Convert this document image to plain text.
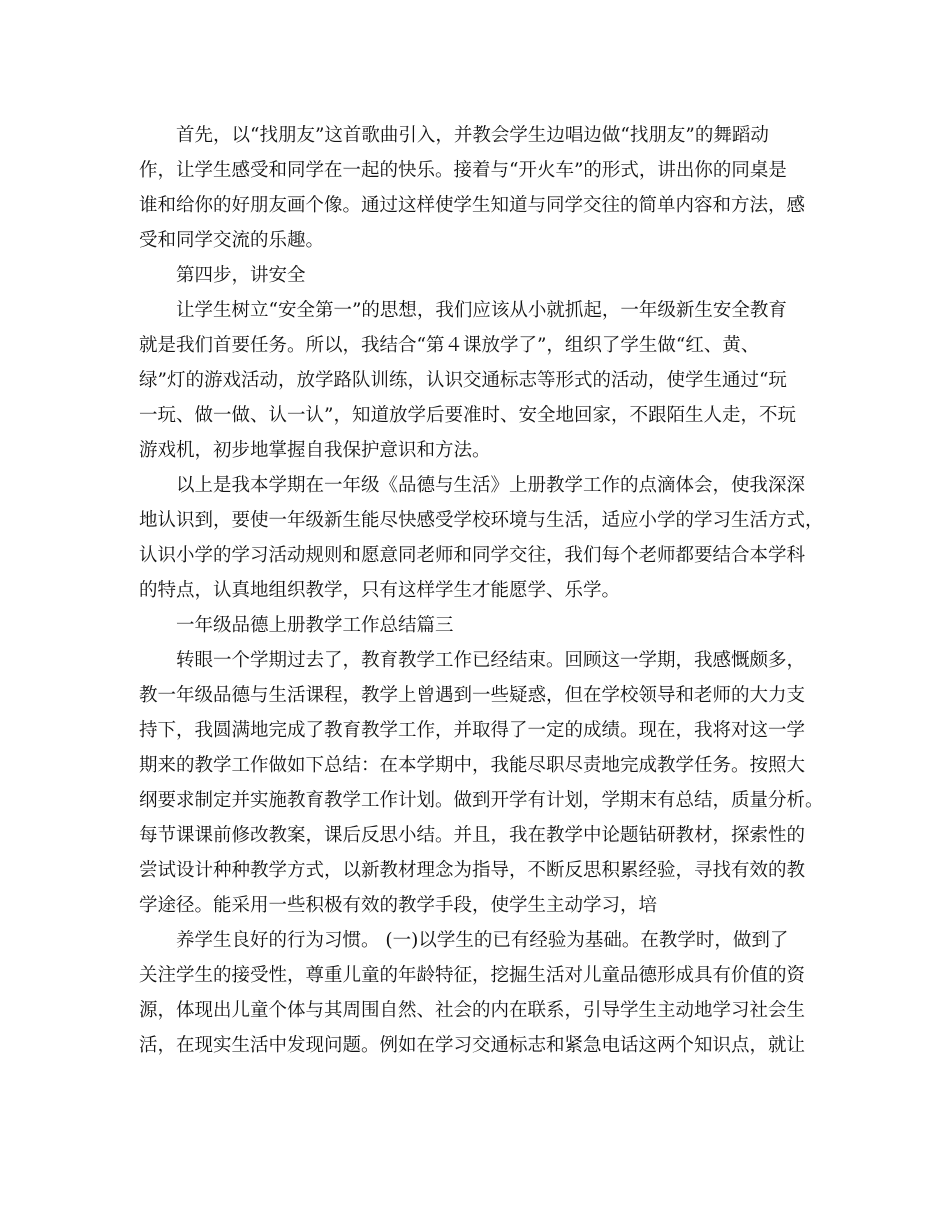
首先，以“找朋友”这首歌曲引入，并教会学生边唱边做“找朋友”的舞蹈动
作，让学生感受和同学在一起的快乐。接着与“开火车”的形式，讲出你的同桌是
谁和给你的好朋友画个像。通过这样使学生知道与同学交往的简单内容和方法，感
受和同学交流的乐趣。
第四步，讲安全
让学生树立“安全第一”的思想，我们应该从小就抓起，一年级新生安全教育
就是我们首要任务。所以，我结合“第４课放学了”，组织了学生做“红、黄、
绿”灯的游戏活动，放学路队训练，认识交通标志等形式的活动，使学生通过“玩
一玩、做一做、认一认”，知道放学后要准时、安全地回家，不跟陌生人走，不玩
游戏机，初步地掌握自我保护意识和方法。
以上是我本学期在一年级《品德与生活》上册教学工作的点滴体会，使我深深
地认识到，要使一年级新生能尽快感受学校环境与生活，适应小学的学习生活方式，
认识小学的学习活动规则和愿意同老师和同学交往，我们每个老师都要结合本学科
的特点，认真地组织教学，只有这样学生才能愿学、乐学。
一年级品德上册教学工作总结篇三
转眼一个学期过去了，教育教学工作已经结束。回顾这一学期，我感慨颇多，
教一年级品德与生活课程，教学上曾遇到一些疑惑，但在学校领导和老师的大力支
持下，我圆满地完成了教育教学工作，并取得了一定的成绩。现在，我将对这一学
期来的教学工作做如下总结：在本学期中，我能尽职尽责地完成教学任务。按照大
纲要求制定并实施教育教学工作计划。做到开学有计划，学期末有总结，质量分析。
每节课课前修改教案，课后反思小结。并且，我在教学中论题钻研教材，探索性的
尝试设计种种教学方式，以新教材理念为指导，不断反思积累经验，寻找有效的教
学途径。能采用一些积极有效的教学手段，使学生主动学习，培
养学生良好的行为习惯。 (一)以学生的已有经验为基础。在教学时，做到了
关注学生的接受性，尊重儿童的年龄特征，挖掘生活对儿童品德形成具有价值的资
源，体现出儿童个体与其周围自然、社会的内在联系，引导学生主动地学习社会生
活，在现实生活中发现问题。例如在学习交通标志和紧急电话这两个知识点，就让
